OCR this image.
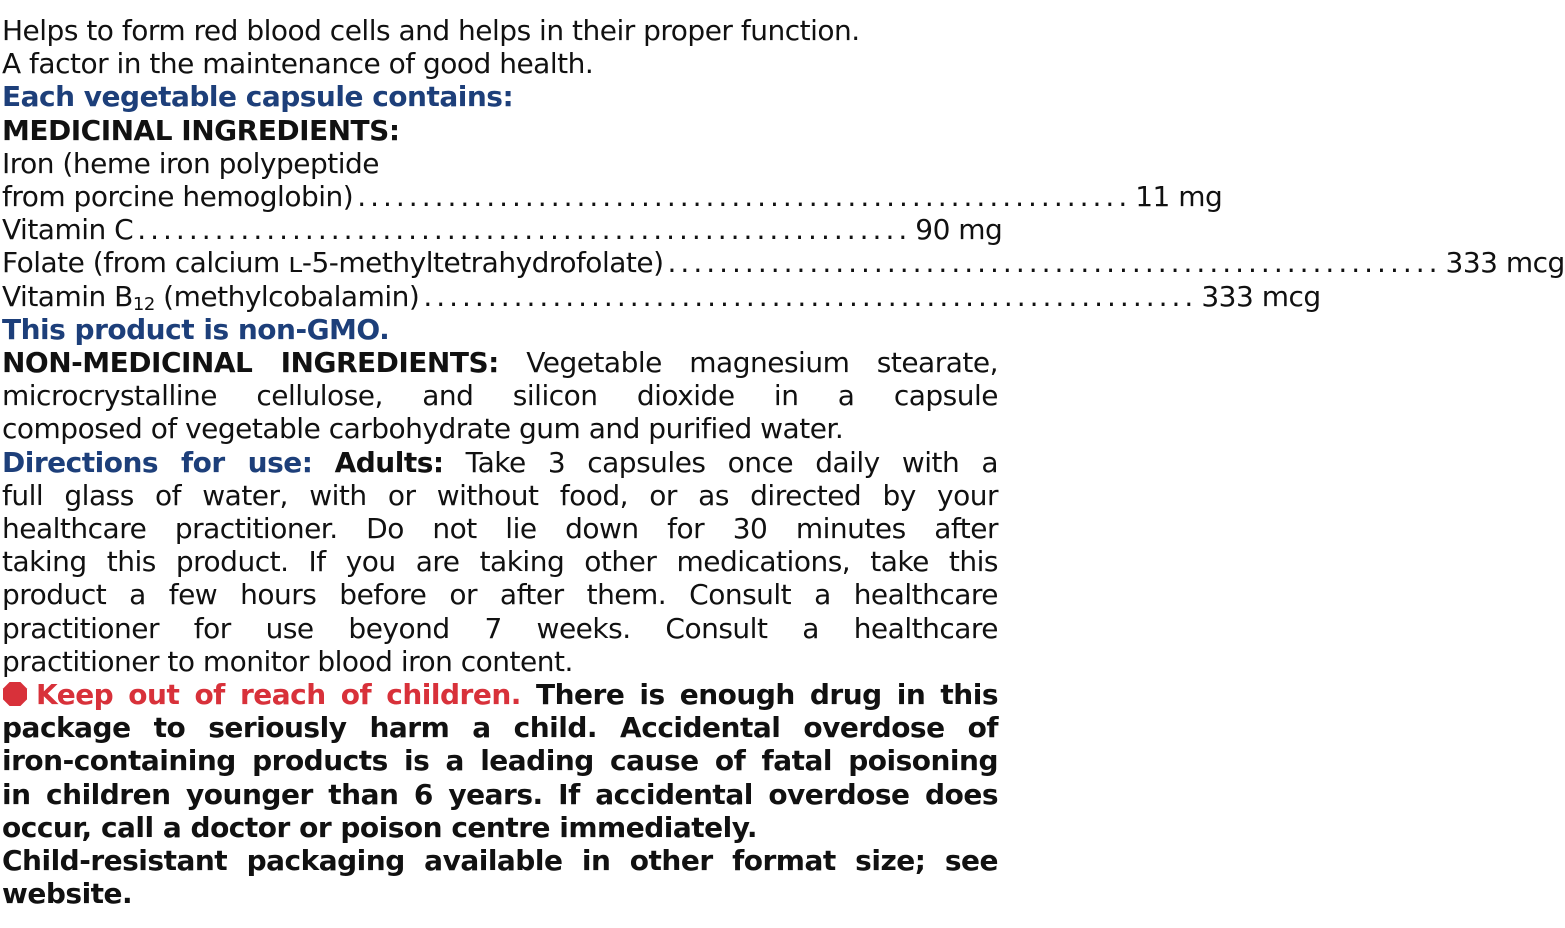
Helps to form red blood cells and helps in their proper function.
A factor in the maintenance of good health.
Each vegetable capsule contains:
MEDICINAL INGREDIENTS:
Iron (heme iron polypeptide
from porcine hemoglobin) ............................................................ 11 mg
Vitamin C ............................................................ 90 mg
Folate (from calcium ʟ-5-methyltetrahydrofolate) ............................................................ 333 mcg
Vitamin $B_{12}$ (methylcobalamin) ............................................................ 333 mcg
This product is non-GMO.
NON-MEDICINAL INGREDIENTS: Vegetable magnesium stearate,
microcrystalline cellulose, and silicon dioxide in a capsule
composed of vegetable carbohydrate gum and purified water.
Directions for use: Adults: Take 3 capsules once daily with a
full glass of water, with or without food, or as directed by your
healthcare practitioner. Do not lie down for 30 minutes after
taking this product. If you are taking other medications, take this
product a few hours before or after them. Consult a healthcare
practitioner for use beyond 7 weeks. Consult a healthcare
practitioner to monitor blood iron content.
Keep out of reach of children. There is enough drug in this
package to seriously harm a child. Accidental overdose of
iron-containing products is a leading cause of fatal poisoning
in children younger than 6 years. If accidental overdose does
occur, call a doctor or poison centre immediately.
Child-resistant packaging available in other format size; see
website.
